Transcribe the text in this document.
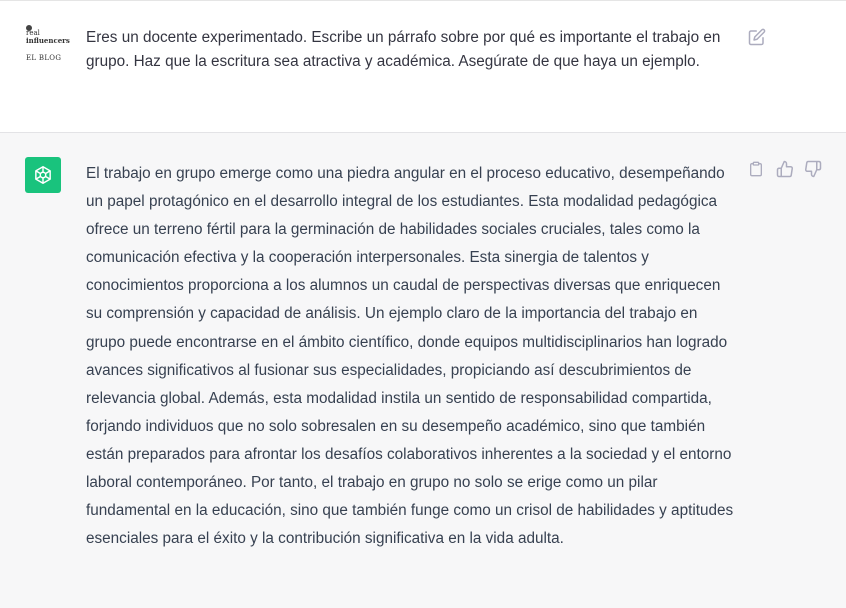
real
influencers
EL BLOG

Eres un docente experimentado. Escribe un párrafo sobre por qué es importante el trabajo en grupo. Haz que la escritura sea atractiva y académica. Asegúrate de que haya un ejemplo.

El trabajo en grupo emerge como una piedra angular en el proceso educativo, desempeñando un papel protagónico en el desarrollo integral de los estudiantes. Esta modalidad pedagógica ofrece un terreno fértil para la germinación de habilidades sociales cruciales, tales como la comunicación efectiva y la cooperación interpersonales. Esta sinergia de talentos y conocimientos proporciona a los alumnos un caudal de perspectivas diversas que enriquecen su comprensión y capacidad de análisis. Un ejemplo claro de la importancia del trabajo en grupo puede encontrarse en el ámbito científico, donde equipos multidisciplinarios han logrado avances significativos al fusionar sus especialidades, propiciando así descubrimientos de relevancia global. Además, esta modalidad instila un sentido de responsabilidad compartida, forjando individuos que no solo sobresalen en su desempeño académico, sino que también están preparados para afrontar los desafíos colaborativos inherentes a la sociedad y el entorno laboral contemporáneo. Por tanto, el trabajo en grupo no solo se erige como un pilar fundamental en la educación, sino que también funge como un crisol de habilidades y aptitudes esenciales para el éxito y la contribución significativa en la vida adulta.
